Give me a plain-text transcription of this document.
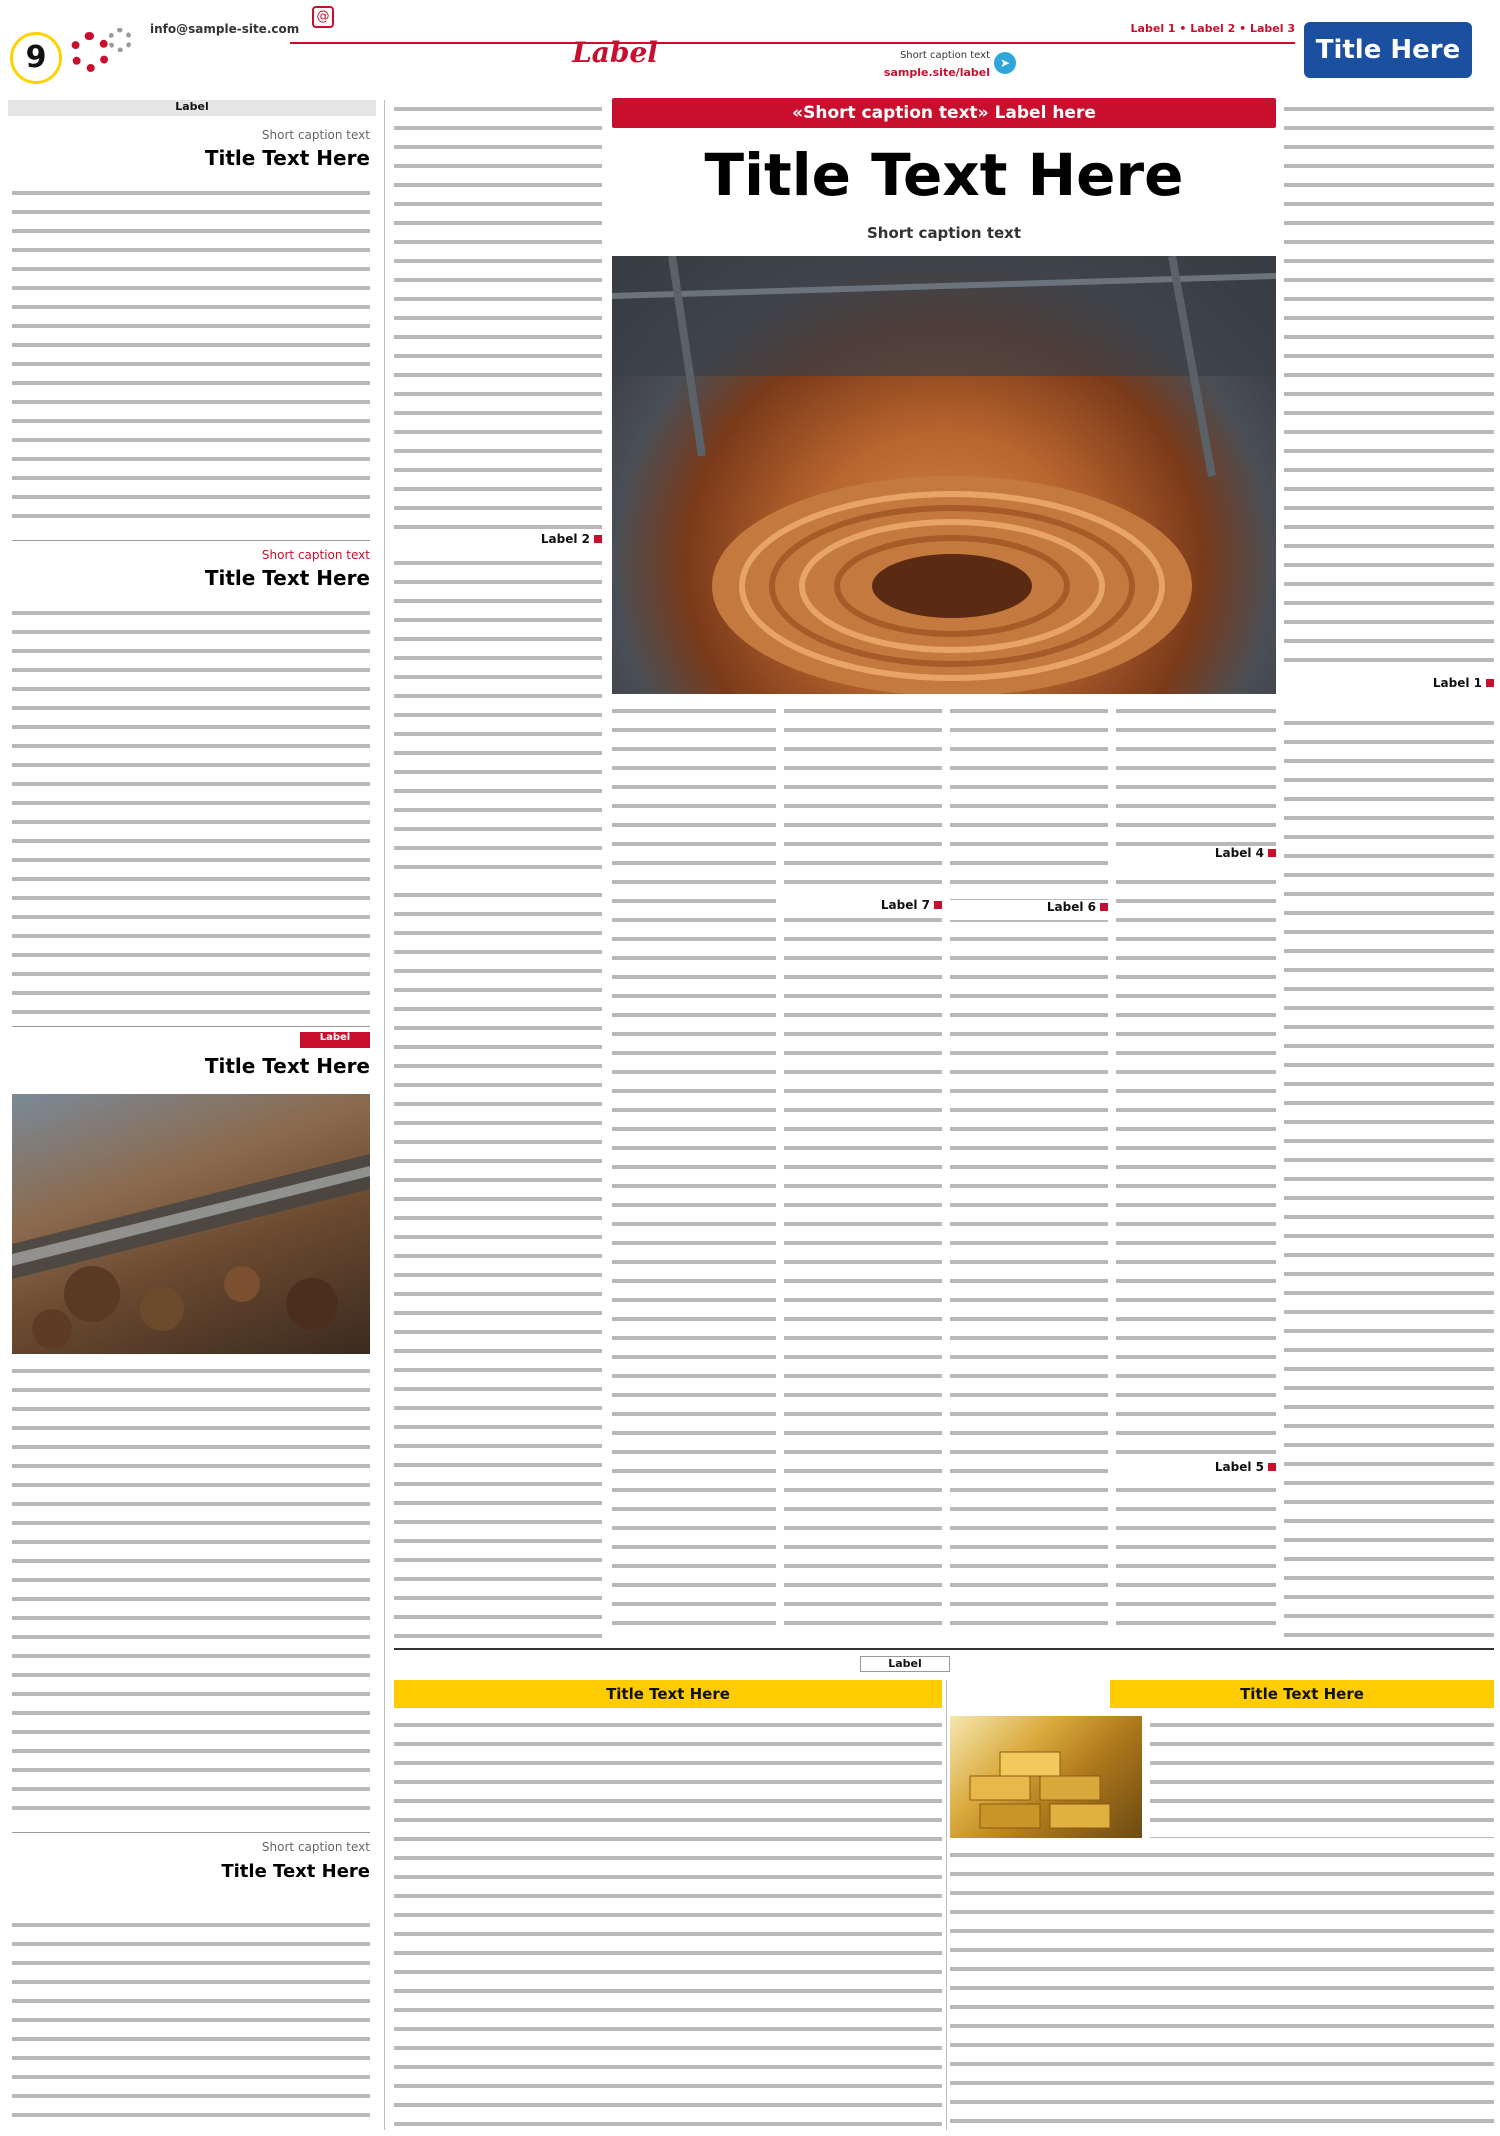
Title Here
Label 1 • Label 2 • Label 3
➤
Short caption text
sample.site/label
Label
@
info@sample-site.com
9
Label
Short caption text
Title Text Here
Short caption text
Title Text Here
Label
Title Text Here
Short caption text
Title Text Here
«Short caption text» Label here
Title Text Here
Short caption text
Label 1
Label 2
Label 4
Label 5
Label 6
Label 7
Label
Title Text Here
Title Text Here
